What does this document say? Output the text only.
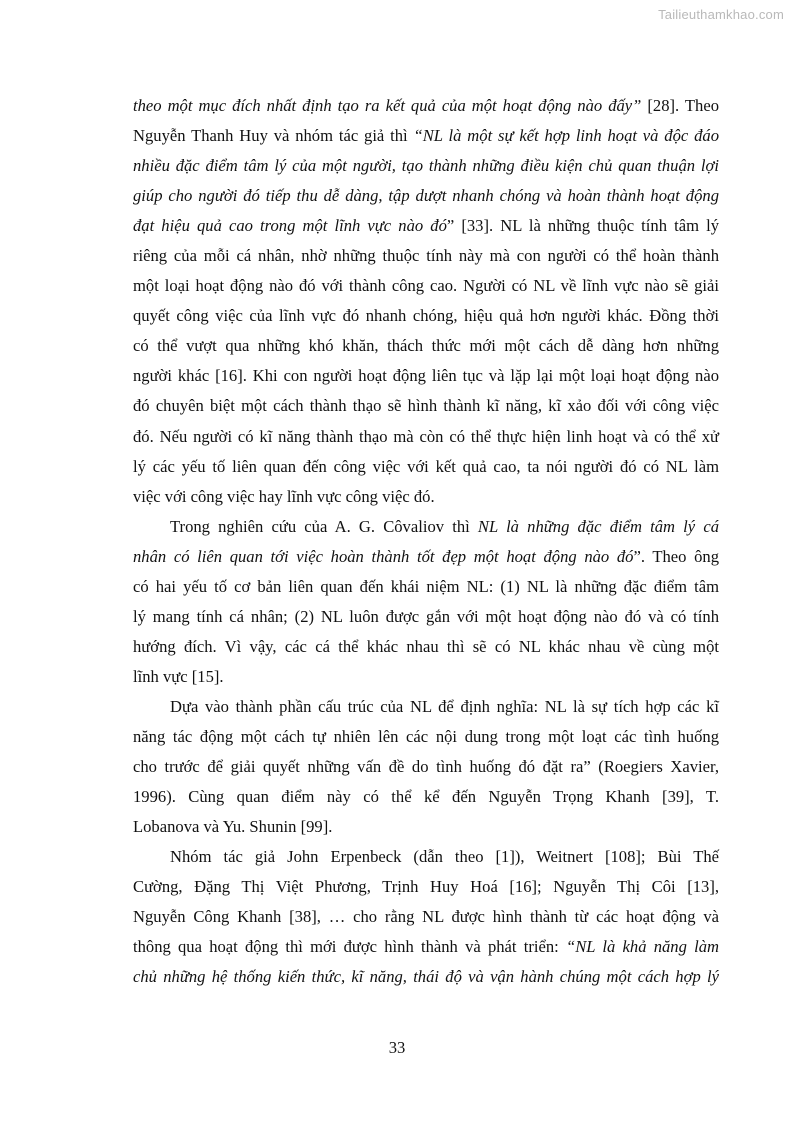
Tailieuthamkhao.com
theo một mục đích nhất định tạo ra kết quả của một hoạt động nào đấy” [28]. Theo
Nguyễn Thanh Huy và nhóm tác giả thì “NL là một sự kết hợp linh hoạt và độc đáo
nhiều đặc điểm tâm lý của một người, tạo thành những điều kiện chủ quan thuận lợi
giúp cho người đó tiếp thu dễ dàng, tập dượt nhanh chóng và hoàn thành hoạt động
đạt hiệu quả cao trong một lĩnh vực nào đó” [33]. NL là những thuộc tính tâm lý
riêng của mỗi cá nhân, nhờ những thuộc tính này mà con người có thể hoàn thành
một loại hoạt động nào đó với thành công cao. Người có NL về lĩnh vực nào sẽ giải
quyết công việc của lĩnh vực đó nhanh chóng, hiệu quả hơn người khác. Đồng thời
có thể vượt qua những khó khăn, thách thức mới một cách dễ dàng hơn những
người khác [16]. Khi con người hoạt động liên tục và lặp lại một loại hoạt động nào
đó chuyên biệt một cách thành thạo sẽ hình thành kĩ năng, kĩ xảo đối với công việc
đó. Nếu người có kĩ năng thành thạo mà còn có thể thực hiện linh hoạt và có thể xử
lý các yếu tố liên quan đến công việc với kết quả cao, ta nói người đó có NL làm
việc với công việc hay lĩnh vực công việc đó.
Trong nghiên cứu của A. G. Côvaliov thì NL là những đặc điểm tâm lý cá
nhân có liên quan tới việc hoàn thành tốt đẹp một hoạt động nào đó”. Theo ông
có hai yếu tố cơ bản liên quan đến khái niệm NL: (1) NL là những đặc điểm tâm
lý mang tính cá nhân; (2) NL luôn được gắn với một hoạt động nào đó và có tính
hướng đích. Vì vậy, các cá thể khác nhau thì sẽ có NL khác nhau về cùng một
lĩnh vực [15].
Dựa vào thành phần cấu trúc của NL để định nghĩa: NL là sự tích hợp các kĩ
năng tác động một cách tự nhiên lên các nội dung trong một loạt các tình huống
cho trước để giải quyết những vấn đề do tình huống đó đặt ra” (Roegiers Xavier,
1996). Cùng quan điểm này có thể kể đến Nguyễn Trọng Khanh [39], T.
Lobanova và Yu. Shunin [99].
Nhóm tác giả John Erpenbeck (dẫn theo [1]), Weitnert [108]; Bùi Thế
Cường, Đặng Thị Việt Phương, Trịnh Huy Hoá [16]; Nguyễn Thị Côi [13],
Nguyễn Công Khanh [38], … cho rằng NL được hình thành từ các hoạt động và
thông qua hoạt động thì mới được hình thành và phát triển: “NL là khả năng làm
chủ những hệ thống kiến thức, kĩ năng, thái độ và vận hành chúng một cách hợp lý
33
